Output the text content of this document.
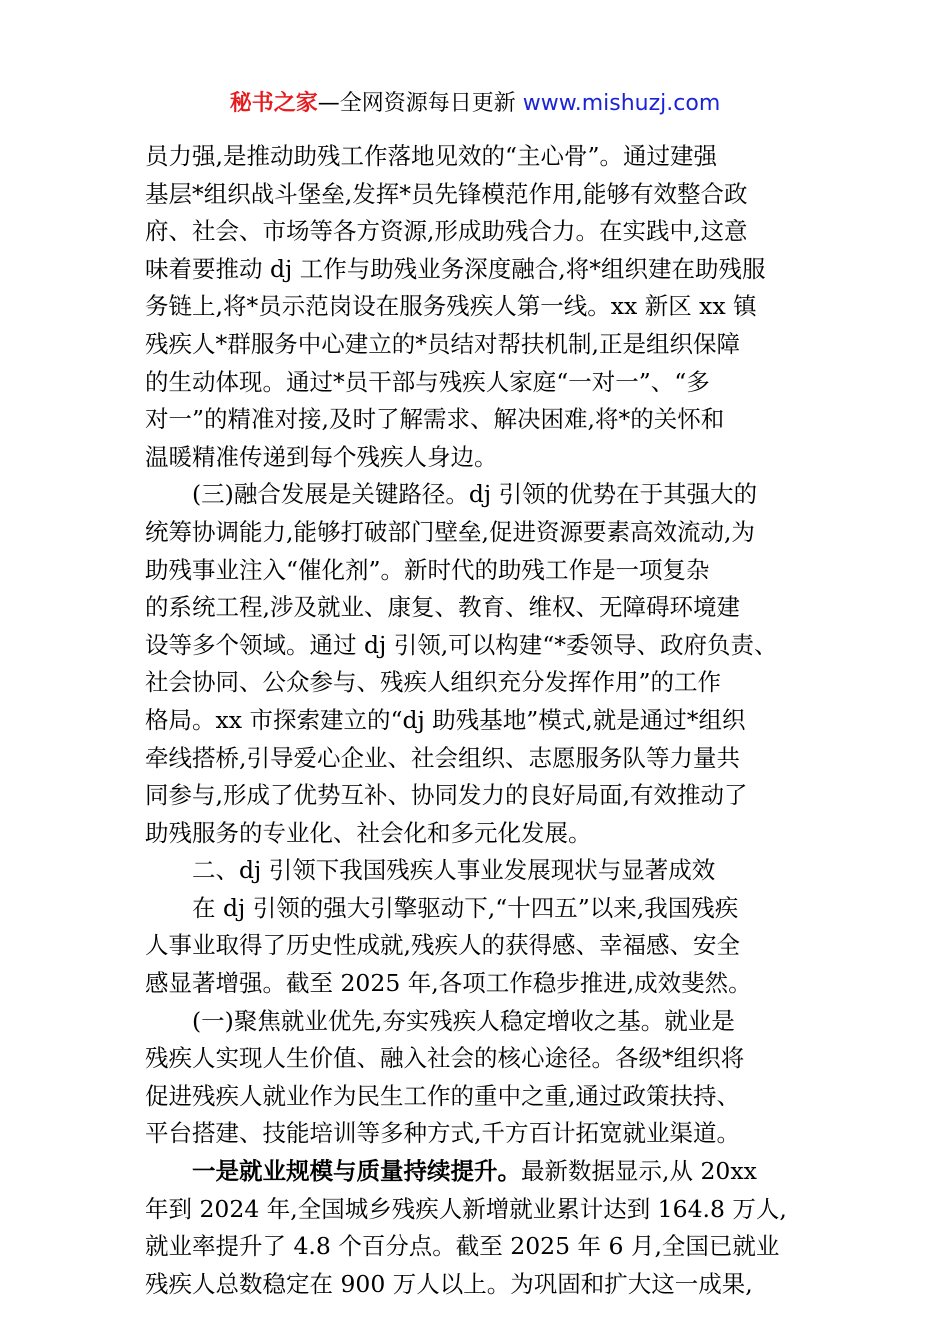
秘书之家—全网资源每日更新 www.mishuzj.com
员力强,是推动助残工作落地见效的“主心骨”。通过建强
基层*组织战斗堡垒,发挥*员先锋模范作用,能够有效整合政
府、社会、市场等各方资源,形成助残合力。在实践中,这意
味着要推动 dj 工作与助残业务深度融合,将*组织建在助残服
务链上,将*员示范岗设在服务残疾人第一线。xx 新区 xx 镇
残疾人*群服务中心建立的*员结对帮扶机制,正是组织保障
的生动体现。通过*员干部与残疾人家庭“一对一”、“多
对一”的精准对接,及时了解需求、解决困难,将*的关怀和
温暖精准传递到每个残疾人身边。
(三)融合发展是关键路径。dj 引领的优势在于其强大的
统筹协调能力,能够打破部门壁垒,促进资源要素高效流动,为
助残事业注入“催化剂”。新时代的助残工作是一项复杂
的系统工程,涉及就业、康复、教育、维权、无障碍环境建
设等多个领域。通过 dj 引领,可以构建“*委领导、政府负责、
社会协同、公众参与、残疾人组织充分发挥作用”的工作
格局。xx 市探索建立的“dj 助残基地”模式,就是通过*组织
牵线搭桥,引导爱心企业、社会组织、志愿服务队等力量共
同参与,形成了优势互补、协同发力的良好局面,有效推动了
助残服务的专业化、社会化和多元化发展。
二、dj 引领下我国残疾人事业发展现状与显著成效
在 dj 引领的强大引擎驱动下,“十四五”以来,我国残疾
人事业取得了历史性成就,残疾人的获得感、幸福感、安全
感显著增强。截至 2025 年,各项工作稳步推进,成效斐然。
(一)聚焦就业优先,夯实残疾人稳定增收之基。就业是
残疾人实现人生价值、融入社会的核心途径。各级*组织将
促进残疾人就业作为民生工作的重中之重,通过政策扶持、
平台搭建、技能培训等多种方式,千方百计拓宽就业渠道。
一是就业规模与质量持续提升。最新数据显示,从 20xx
年到 2024 年,全国城乡残疾人新增就业累计达到 164.8 万人,
就业率提升了 4.8 个百分点。截至 2025 年 6 月,全国已就业
残疾人总数稳定在 900 万人以上。为巩固和扩大这一成果,
